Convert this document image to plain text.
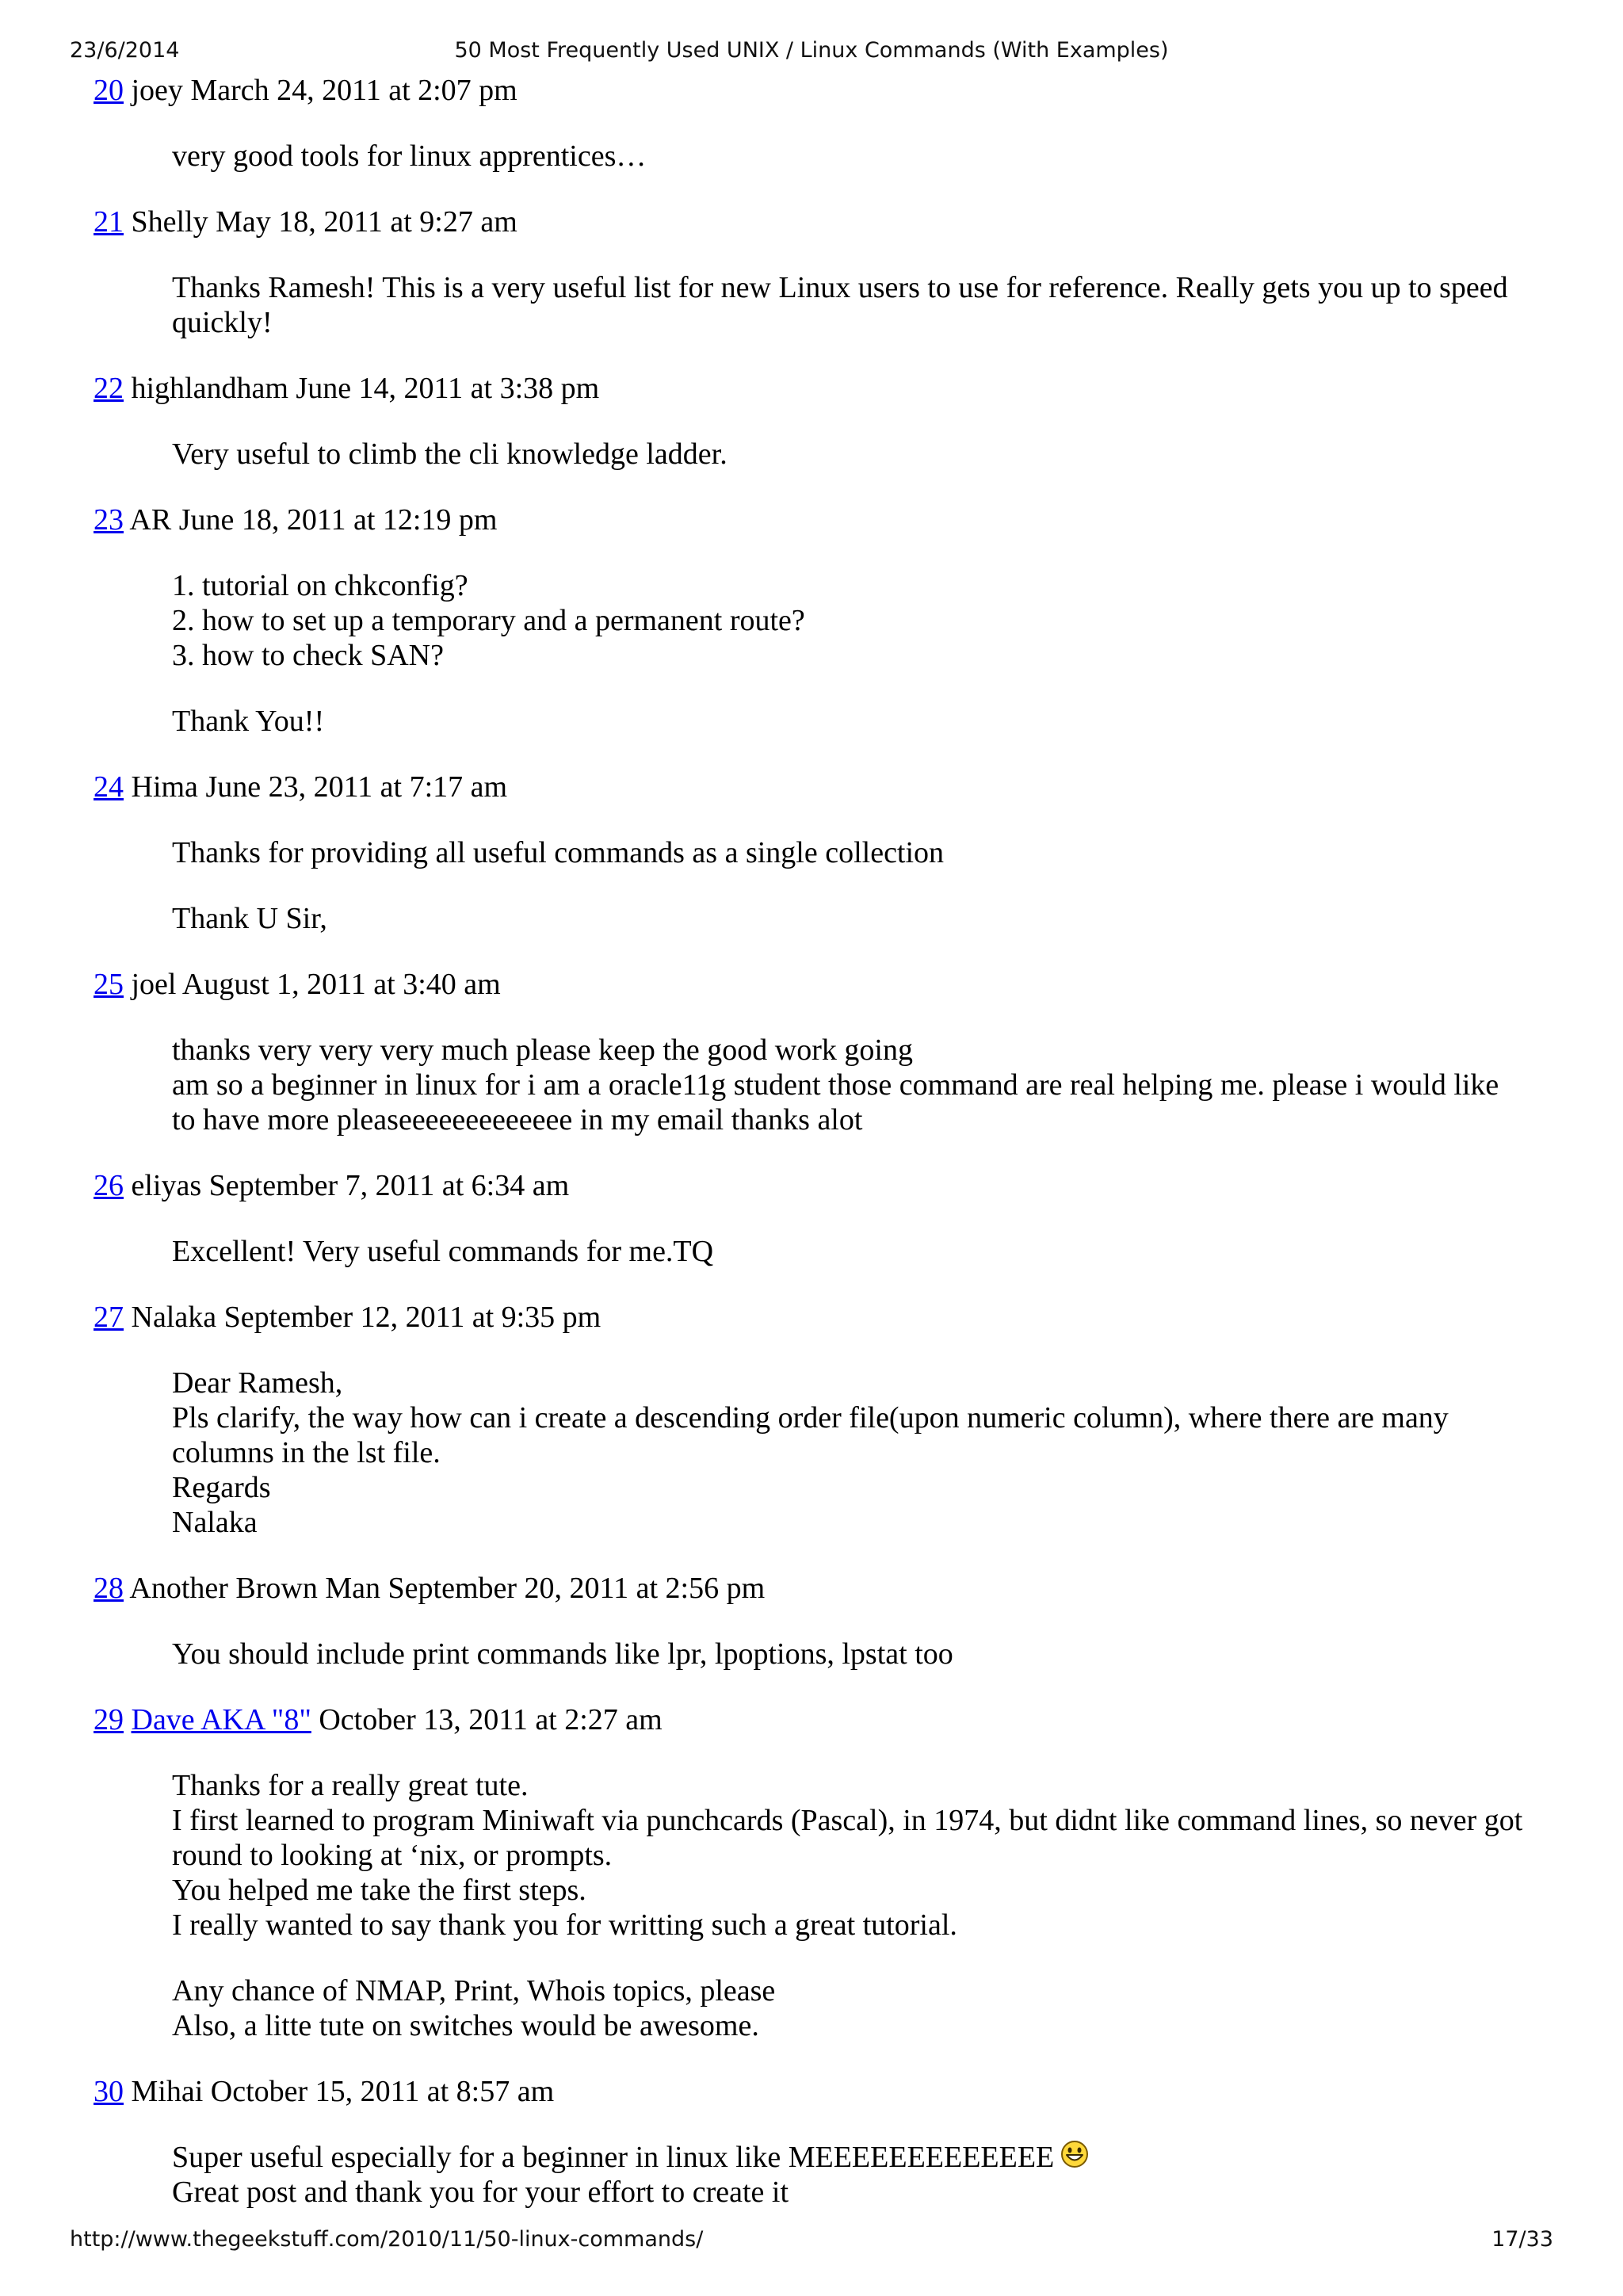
23/6/2014	50 Most Frequently Used UNIX / Linux Commands (With Examples)
20 joey March 24, 2011 at 2:07 pm

very good tools for linux apprentices…

21 Shelly May 18, 2011 at 9:27 am

Thanks Ramesh! This is a very useful list for new Linux users to use for reference. Really gets you up to speed quickly!

22 highlandham June 14, 2011 at 3:38 pm

Very useful to climb the cli knowledge ladder.

23 AR June 18, 2011 at 12:19 pm

1. tutorial on chkconfig?
2. how to set up a temporary and a permanent route?
3. how to check SAN?

Thank You!!

24 Hima June 23, 2011 at 7:17 am

Thanks for providing all useful commands as a single collection

Thank U Sir,

25 joel August 1, 2011 at 3:40 am

thanks very very very much please keep the good work going
am so a beginner in linux for i am a oracle11g student those command are real helping me. please i would like to have more pleaseeeeeeeeeeeee in my email thanks alot

26 eliyas September 7, 2011 at 6:34 am

Excellent! Very useful commands for me.TQ

27 Nalaka September 12, 2011 at 9:35 pm

Dear Ramesh,
Pls clarify, the way how can i create a descending order file(upon numeric column), where there are many columns in the lst file.
Regards
Nalaka

28 Another Brown Man September 20, 2011 at 2:56 pm

You should include print commands like lpr, lpoptions, lpstat too

29 Dave AKA "8" October 13, 2011 at 2:27 am

Thanks for a really great tute.
I first learned to program Miniwaft via punchcards (Pascal), in 1974, but didnt like command lines, so never got round to looking at ‘nix, or prompts.
You helped me take the first steps.
I really wanted to say thank you for writting such a great tutorial.

Any chance of NMAP, Print, Whois topics, please
Also, a litte tute on switches would be awesome.

30 Mihai October 15, 2011 at 8:57 am

Super useful especially for a beginner in linux like MEEEEEEEEEEEEE
Great post and thank you for your effort to create it

http://www.thegeekstuff.com/2010/11/50-linux-commands/	17/33
